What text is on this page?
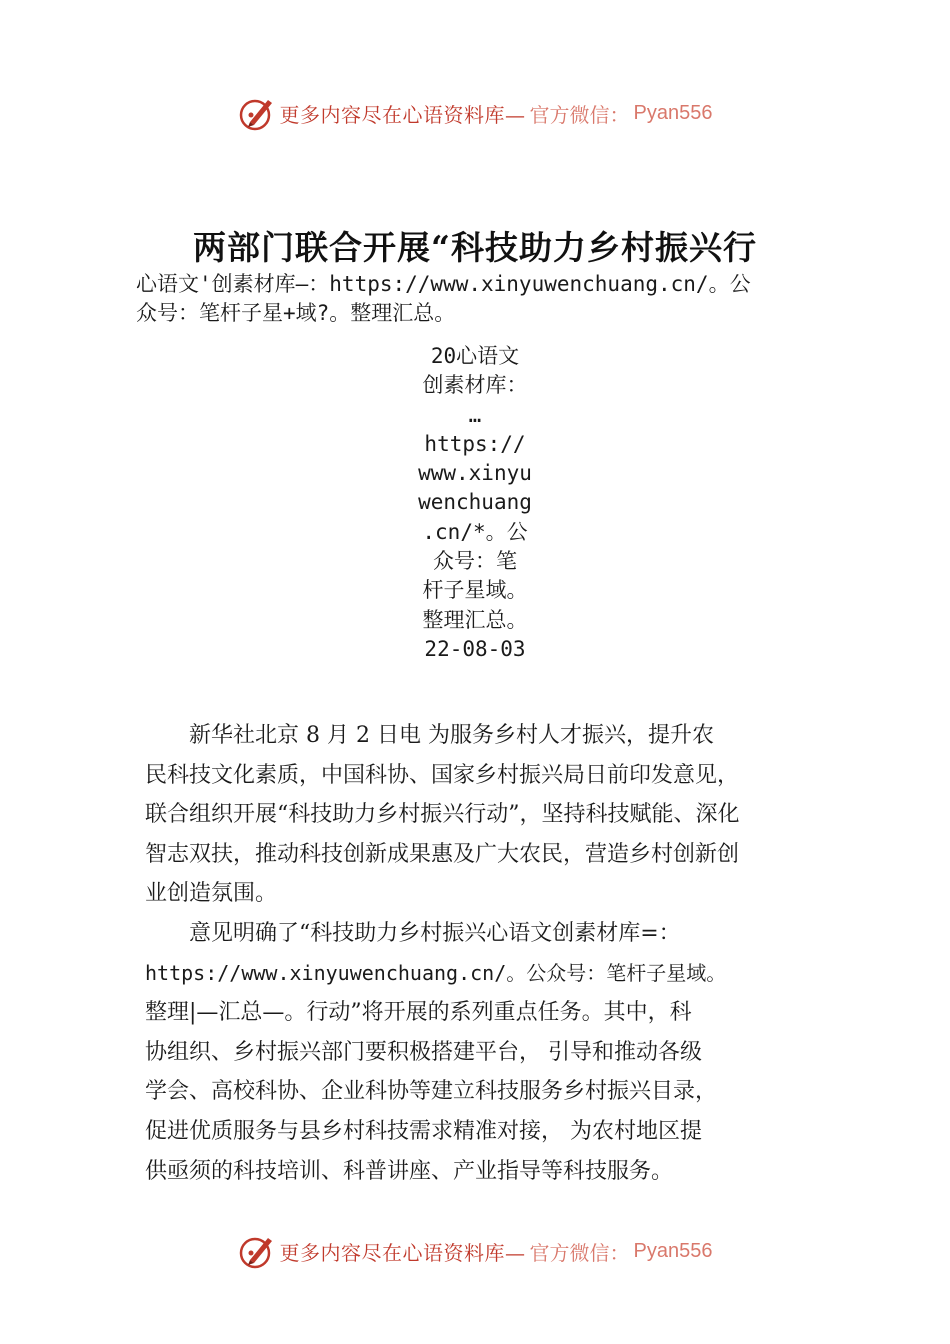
更多内容尽在心语资料库— 官方微信： Pyan556
两部门联合开展“科技助力乡村振兴行
心语文'创素材库—：https://www.xinyuwenchuang.cn/。公
众号：笔杆子星+域?。整理汇总。
20心语文
创素材库：
…
https://
www.xinyu
wenchuang
.cn/*。公
众号：笔
杆子星域。
整理汇总。
22-08-03
　　新华社北京 8 月 2 日电 为服务乡村人才振兴，提升农
民科技文化素质，中国科协、国家乡村振兴局日前印发意见，
联合组织开展“科技助力乡村振兴行动”，坚持科技赋能、深化
智志双扶，推动科技创新成果惠及广大农民，营造乡村创新创
业创造氛围。
　　意见明确了“科技助力乡村振兴心语文创素材库=：
https://www.xinyuwenchuang.cn/。公众号：笔杆子星域。
整理|—汇总—。行动”将开展的系列重点任务。其中，科
协组织、乡村振兴部门要积极搭建平台， 引导和推动各级
学会、高校科协、企业科协等建立科技服务乡村振兴目录，
促进优质服务与县乡村科技需求精准对接， 为农村地区提
供亟须的科技培训、科普讲座、产业指导等科技服务。
更多内容尽在心语资料库— 官方微信： Pyan556
